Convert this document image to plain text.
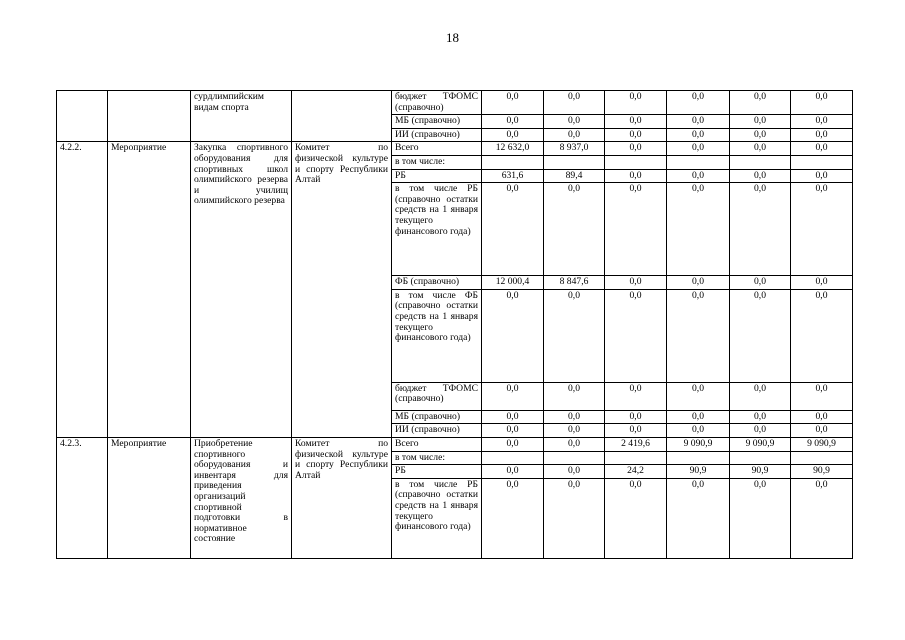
18
		сурдлимпийским видам спорта		бюджет ТФОМС (справочно)	0,0	0,0	0,0	0,0	0,0	0,0
				МБ (справочно)	0,0	0,0	0,0	0,0	0,0	0,0
				ИИ (справочно)	0,0	0,0	0,0	0,0	0,0	0,0
4.2.2.	Мероприятие	Закупка спортивного оборудования для спортивных школ олимпийского резерва и училищ олимпийского резерва	Комитет по физической культуре и спорту Республики Алтай	Всего	12 632,0	8 937,0	0,0	0,0	0,0	0,0
				в том числе:						
				РБ	631,6	89,4	0,0	0,0	0,0	0,0
				в том числе РБ (справочно остатки средств на 1 января текущего финансового года)	0,0	0,0	0,0	0,0	0,0	0,0
				ФБ (справочно)	12 000,4	8 847,6	0,0	0,0	0,0	0,0
				в том числе ФБ (справочно остатки средств на 1 января текущего финансового года)	0,0	0,0	0,0	0,0	0,0	0,0
				бюджет ТФОМС (справочно)	0,0	0,0	0,0	0,0	0,0	0,0
				МБ (справочно)	0,0	0,0	0,0	0,0	0,0	0,0
				ИИ (справочно)	0,0	0,0	0,0	0,0	0,0	0,0
4.2.3.	Мероприятие	Приобретение спортивного оборудования и инвентаря для приведения организаций спортивной подготовки в нормативное состояние	Комитет по физической культуре и спорту Республики Алтай	Всего	0,0	0,0	2 419,6	9 090,9	9 090,9	9 090,9
				в том числе:						
				РБ	0,0	0,0	24,2	90,9	90,9	90,9
				в том числе РБ (справочно остатки средств на 1 января текущего финансового года)	0,0	0,0	0,0	0,0	0,0	0,0
